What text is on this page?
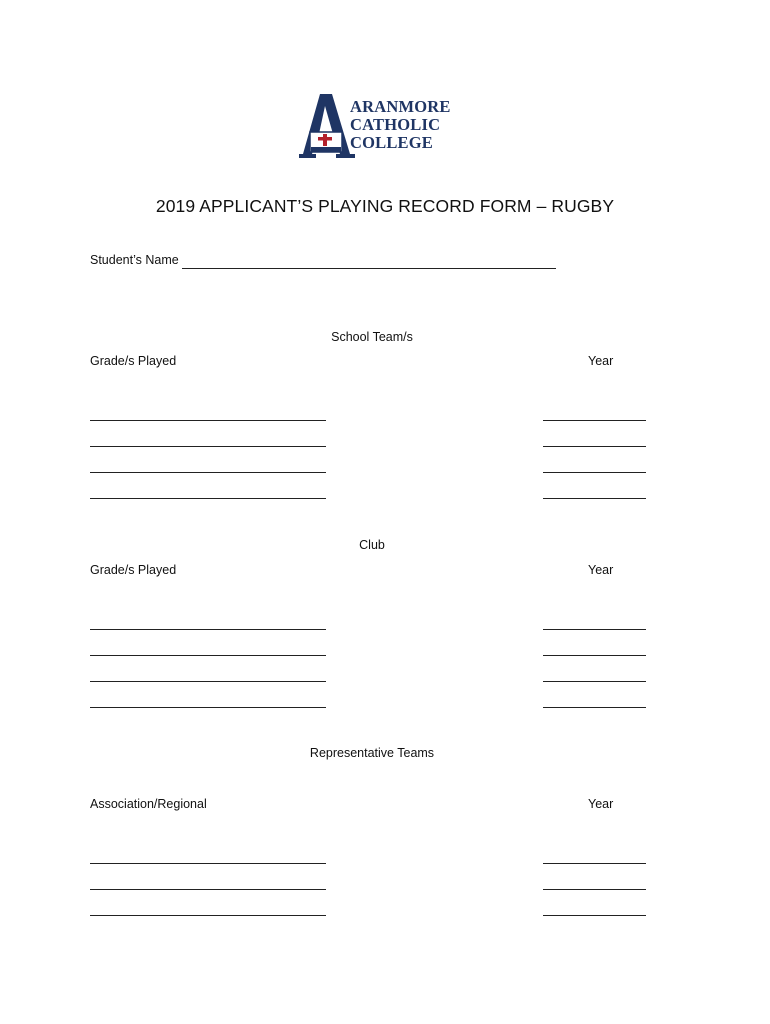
ARANMORE
CATHOLIC
COLLEGE
2019 APPLICANT’S PLAYING RECORD FORM – RUGBY
Student’s Name
School Team/s
Grade/s Played	Year
Club
Grade/s Played	Year
Representative Teams
Association/Regional	Year
